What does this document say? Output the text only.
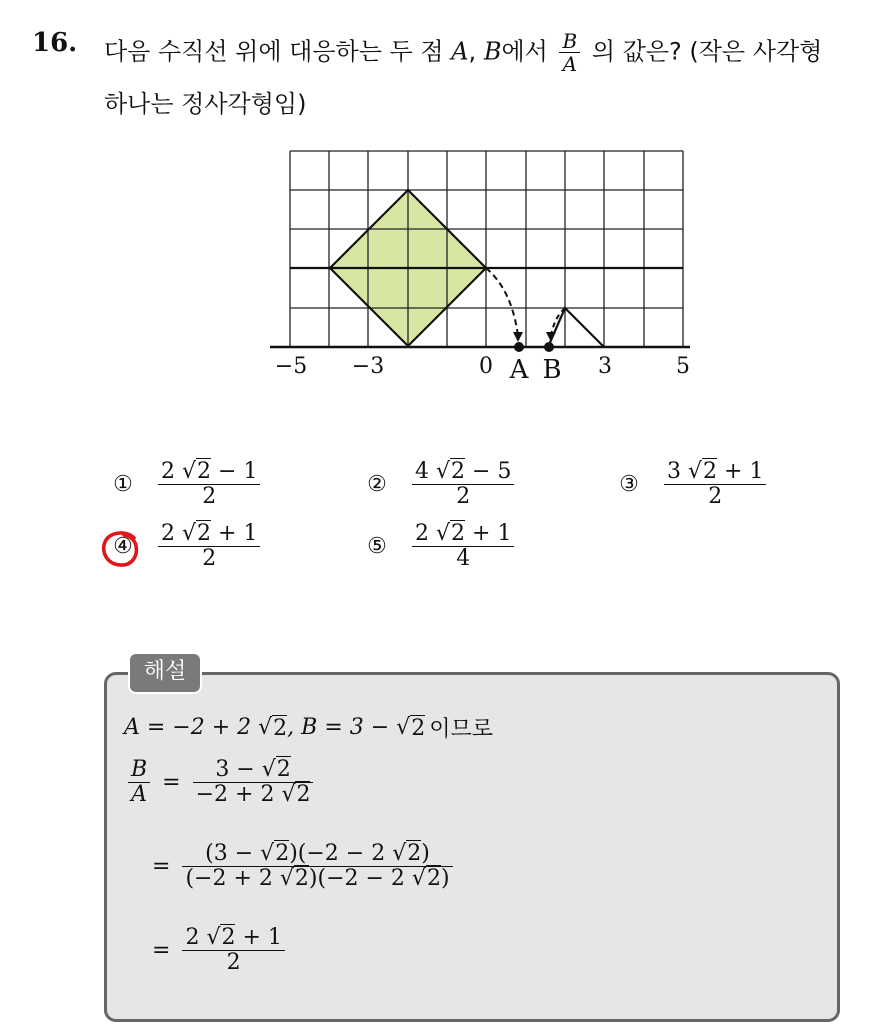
16. 다음 수직선 위에 대응하는 두 점 A, B에서 $\frac{B}{A}$ 의 값은? (작은 사각형
하나는 정사각형임)
−5 −3	0 A B 3	5
① $\frac{2 √2 - 1}{2}$	② $\frac{4 √2 - 5}{2}$	③ $\frac{3 √2 + 1}{2}$
④ $\frac{2 √2 + 1}{2}$	⑤ $\frac{2 √2 + 1}{4}$
해설
A = −2 + 2 √ 2 , B = 3 − √ 2 이므로
$\frac{B}{A} = \frac{3 - √2}{-2 + 2 √2}$
= $\frac{(3 - √2)(-2 - 2 √2)}{(-2 + 2 √2)(-2 - 2 √2)}$
= $\frac{2 √2 + 1}{2}$
